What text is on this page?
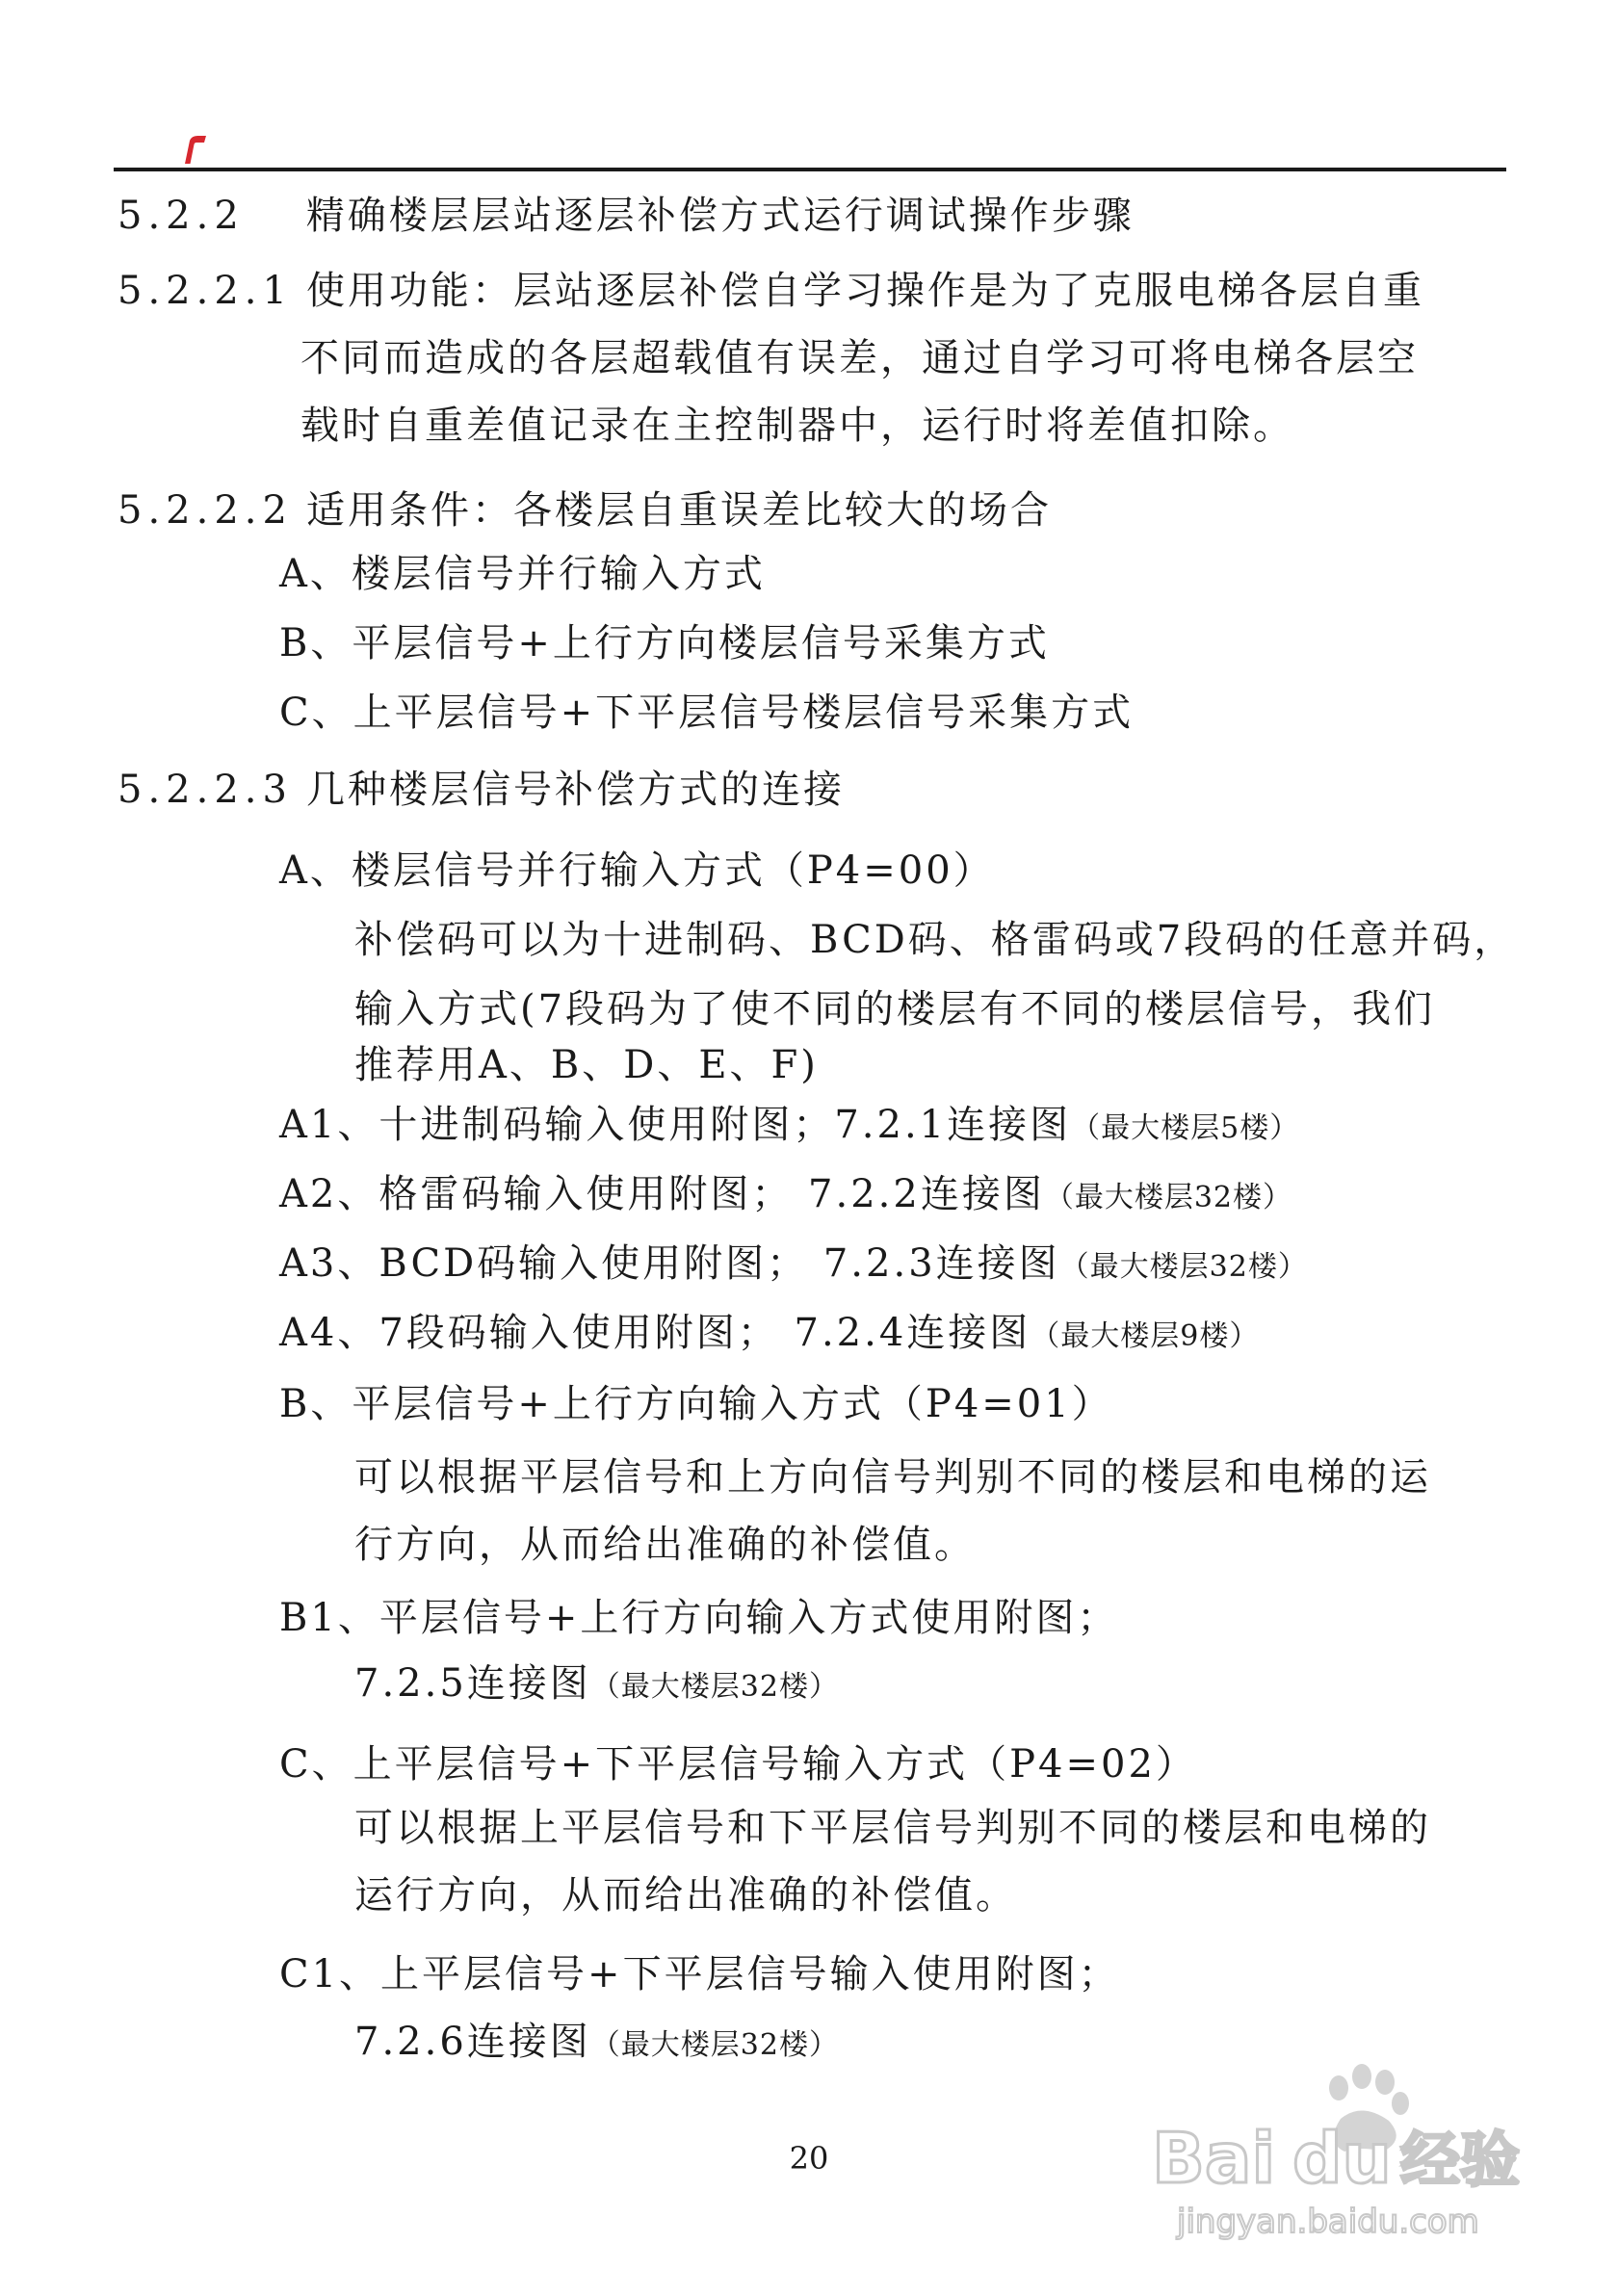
5.2.2 精确楼层层站逐层补偿方式运行调试操作步骤
5.2.2.1 使用功能：层站逐层补偿自学习操作是为了克服电梯各层自重
不同而造成的各层超载值有误差，通过自学习可将电梯各层空
载时自重差值记录在主控制器中，运行时将差值扣除。
5.2.2.2 适用条件：各楼层自重误差比较大的场合
A、楼层信号并行输入方式
B、平层信号+上行方向楼层信号采集方式
C、上平层信号+下平层信号楼层信号采集方式
5.2.2.3 几种楼层信号补偿方式的连接
A、楼层信号并行输入方式（P4=00）
补偿码可以为十进制码、BCD码、格雷码或7段码的任意并码，
输入方式(7段码为了使不同的楼层有不同的楼层信号，我们
推荐用A、B、D、E、F)
A1、十进制码输入使用附图；7.2.1连接图（最大楼层5楼）
A2、格雷码输入使用附图； 7.2.2连接图（最大楼层32楼）
A3、BCD码输入使用附图； 7.2.3连接图（最大楼层32楼）
A4、7段码输入使用附图； 7.2.4连接图（最大楼层9楼）
B、平层信号+上行方向输入方式（P4=01）
可以根据平层信号和上方向信号判别不同的楼层和电梯的运
行方向，从而给出准确的补偿值。
B1、平层信号+上行方向输入方式使用附图；
7.2.5连接图（最大楼层32楼）
C、上平层信号+下平层信号输入方式（P4=02）
可以根据上平层信号和下平层信号判别不同的楼层和电梯的
运行方向，从而给出准确的补偿值。
C1、上平层信号+下平层信号输入使用附图；
7.2.6连接图（最大楼层32楼）
20	Bai du 经验
jingyan.baidu.com
